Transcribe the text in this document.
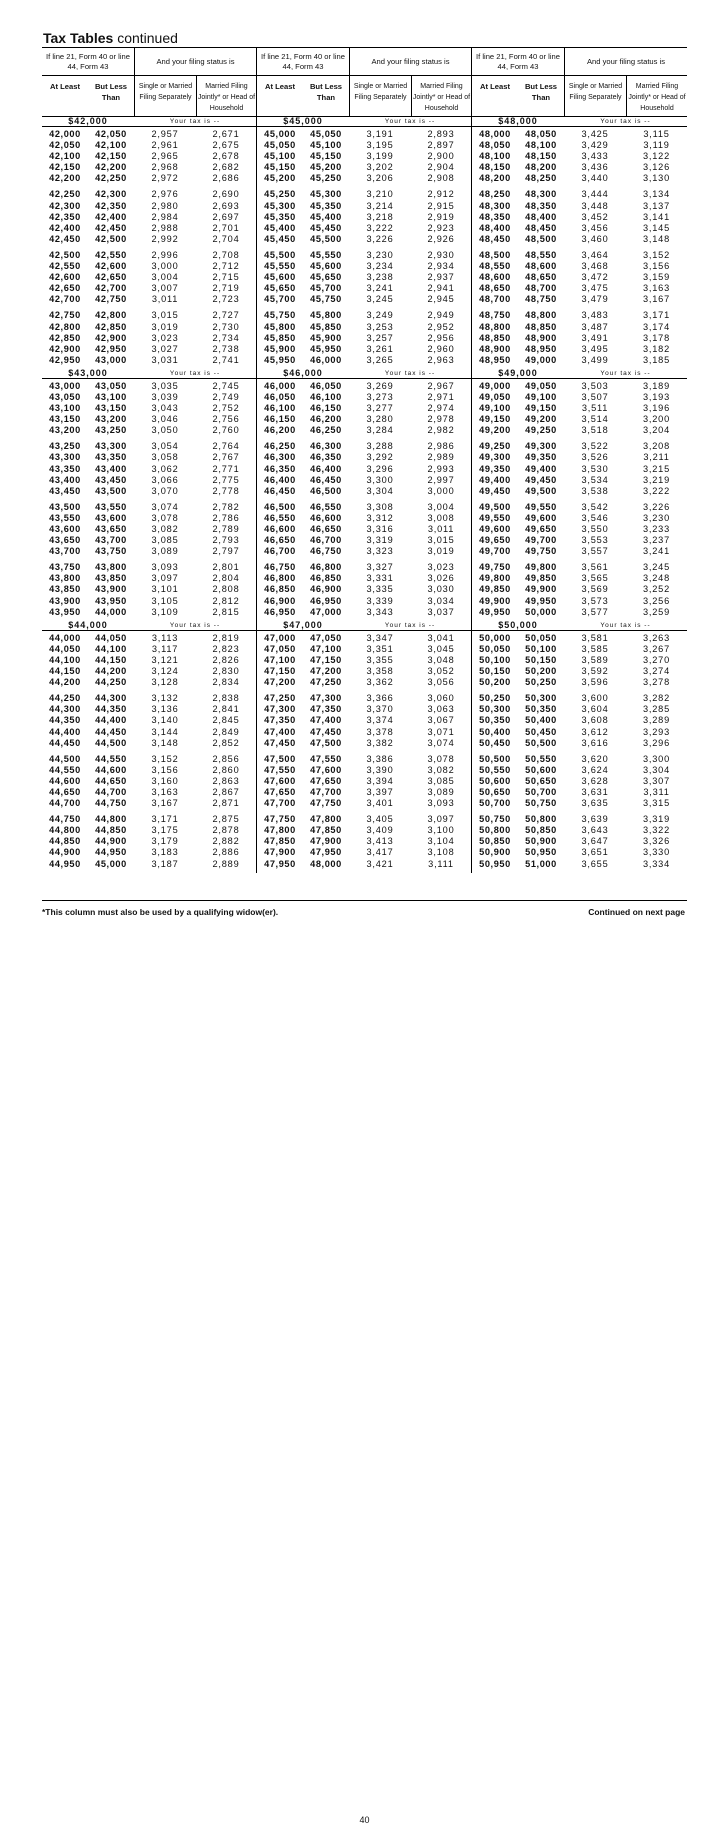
Tax Tables continued
If line 21, Form 40 or line 44, Form 43
And your filing status is
At Least	But Less Than
Single or Married Filing Separately
Married Filing Jointly* or Head of Household
$42,000	Your tax is --
42,000	42,050	2,957	2,671
42,050	42,100	2,961	2,675
42,100	42,150	2,965	2,678
42,150	42,200	2,968	2,682
42,200	42,250	2,972	2,686
42,250	42,300	2,976	2,690
42,300	42,350	2,980	2,693
42,350	42,400	2,984	2,697
42,400	42,450	2,988	2,701
42,450	42,500	2,992	2,704
42,500	42,550	2,996	2,708
42,550	42,600	3,000	2,712
42,600	42,650	3,004	2,715
42,650	42,700	3,007	2,719
42,700	42,750	3,011	2,723
42,750	42,800	3,015	2,727
42,800	42,850	3,019	2,730
42,850	42,900	3,023	2,734
42,900	42,950	3,027	2,738
42,950	43,000	3,031	2,741
$43,000	Your tax is --
43,000	43,050	3,035	2,745
43,050	43,100	3,039	2,749
43,100	43,150	3,043	2,752
43,150	43,200	3,046	2,756
43,200	43,250	3,050	2,760
43,250	43,300	3,054	2,764
43,300	43,350	3,058	2,767
43,350	43,400	3,062	2,771
43,400	43,450	3,066	2,775
43,450	43,500	3,070	2,778
43,500	43,550	3,074	2,782
43,550	43,600	3,078	2,786
43,600	43,650	3,082	2,789
43,650	43,700	3,085	2,793
43,700	43,750	3,089	2,797
43,750	43,800	3,093	2,801
43,800	43,850	3,097	2,804
43,850	43,900	3,101	2,808
43,900	43,950	3,105	2,812
43,950	44,000	3,109	2,815
$44,000	Your tax is --
44,000	44,050	3,113	2,819
44,050	44,100	3,117	2,823
44,100	44,150	3,121	2,826
44,150	44,200	3,124	2,830
44,200	44,250	3,128	2,834
44,250	44,300	3,132	2,838
44,300	44,350	3,136	2,841
44,350	44,400	3,140	2,845
44,400	44,450	3,144	2,849
44,450	44,500	3,148	2,852
44,500	44,550	3,152	2,856
44,550	44,600	3,156	2,860
44,600	44,650	3,160	2,863
44,650	44,700	3,163	2,867
44,700	44,750	3,167	2,871
44,750	44,800	3,171	2,875
44,800	44,850	3,175	2,878
44,850	44,900	3,179	2,882
44,900	44,950	3,183	2,886
44,950	45,000	3,187	2,889
If line 21, Form 40 or line 44, Form 43
And your filing status is
At Least	But Less Than
Single or Married Filing Separately
Married Filing Jointly* or Head of Household
$45,000	Your tax is --
45,000	45,050	3,191	2,893
45,050	45,100	3,195	2,897
45,100	45,150	3,199	2,900
45,150	45,200	3,202	2,904
45,200	45,250	3,206	2,908
45,250	45,300	3,210	2,912
45,300	45,350	3,214	2,915
45,350	45,400	3,218	2,919
45,400	45,450	3,222	2,923
45,450	45,500	3,226	2,926
45,500	45,550	3,230	2,930
45,550	45,600	3,234	2,934
45,600	45,650	3,238	2,937
45,650	45,700	3,241	2,941
45,700	45,750	3,245	2,945
45,750	45,800	3,249	2,949
45,800	45,850	3,253	2,952
45,850	45,900	3,257	2,956
45,900	45,950	3,261	2,960
45,950	46,000	3,265	2,963
$46,000	Your tax is --
46,000	46,050	3,269	2,967
46,050	46,100	3,273	2,971
46,100	46,150	3,277	2,974
46,150	46,200	3,280	2,978
46,200	46,250	3,284	2,982
46,250	46,300	3,288	2,986
46,300	46,350	3,292	2,989
46,350	46,400	3,296	2,993
46,400	46,450	3,300	2,997
46,450	46,500	3,304	3,000
46,500	46,550	3,308	3,004
46,550	46,600	3,312	3,008
46,600	46,650	3,316	3,011
46,650	46,700	3,319	3,015
46,700	46,750	3,323	3,019
46,750	46,800	3,327	3,023
46,800	46,850	3,331	3,026
46,850	46,900	3,335	3,030
46,900	46,950	3,339	3,034
46,950	47,000	3,343	3,037
$47,000	Your tax is --
47,000	47,050	3,347	3,041
47,050	47,100	3,351	3,045
47,100	47,150	3,355	3,048
47,150	47,200	3,358	3,052
47,200	47,250	3,362	3,056
47,250	47,300	3,366	3,060
47,300	47,350	3,370	3,063
47,350	47,400	3,374	3,067
47,400	47,450	3,378	3,071
47,450	47,500	3,382	3,074
47,500	47,550	3,386	3,078
47,550	47,600	3,390	3,082
47,600	47,650	3,394	3,085
47,650	47,700	3,397	3,089
47,700	47,750	3,401	3,093
47,750	47,800	3,405	3,097
47,800	47,850	3,409	3,100
47,850	47,900	3,413	3,104
47,900	47,950	3,417	3,108
47,950	48,000	3,421	3,111
If line 21, Form 40 or line 44, Form 43
And your filing status is
At Least	But Less Than
Single or Married Filing Separately
Married Filing Jointly* or Head of Household
$48,000	Your tax is --
48,000	48,050	3,425	3,115
48,050	48,100	3,429	3,119
48,100	48,150	3,433	3,122
48,150	48,200	3,436	3,126
48,200	48,250	3,440	3,130
48,250	48,300	3,444	3,134
48,300	48,350	3,448	3,137
48,350	48,400	3,452	3,141
48,400	48,450	3,456	3,145
48,450	48,500	3,460	3,148
48,500	48,550	3,464	3,152
48,550	48,600	3,468	3,156
48,600	48,650	3,472	3,159
48,650	48,700	3,475	3,163
48,700	48,750	3,479	3,167
48,750	48,800	3,483	3,171
48,800	48,850	3,487	3,174
48,850	48,900	3,491	3,178
48,900	48,950	3,495	3,182
48,950	49,000	3,499	3,185
$49,000	Your tax is --
49,000	49,050	3,503	3,189
49,050	49,100	3,507	3,193
49,100	49,150	3,511	3,196
49,150	49,200	3,514	3,200
49,200	49,250	3,518	3,204
49,250	49,300	3,522	3,208
49,300	49,350	3,526	3,211
49,350	49,400	3,530	3,215
49,400	49,450	3,534	3,219
49,450	49,500	3,538	3,222
49,500	49,550	3,542	3,226
49,550	49,600	3,546	3,230
49,600	49,650	3,550	3,233
49,650	49,700	3,553	3,237
49,700	49,750	3,557	3,241
49,750	49,800	3,561	3,245
49,800	49,850	3,565	3,248
49,850	49,900	3,569	3,252
49,900	49,950	3,573	3,256
49,950	50,000	3,577	3,259
$50,000	Your tax is --
50,000	50,050	3,581	3,263
50,050	50,100	3,585	3,267
50,100	50,150	3,589	3,270
50,150	50,200	3,592	3,274
50,200	50,250	3,596	3,278
50,250	50,300	3,600	3,282
50,300	50,350	3,604	3,285
50,350	50,400	3,608	3,289
50,400	50,450	3,612	3,293
50,450	50,500	3,616	3,296
50,500	50,550	3,620	3,300
50,550	50,600	3,624	3,304
50,600	50,650	3,628	3,307
50,650	50,700	3,631	3,311
50,700	50,750	3,635	3,315
50,750	50,800	3,639	3,319
50,800	50,850	3,643	3,322
50,850	50,900	3,647	3,326
50,900	50,950	3,651	3,330
50,950	51,000	3,655	3,334
*This column must also be used by a qualifying widow(er).	Continued on next page
40
